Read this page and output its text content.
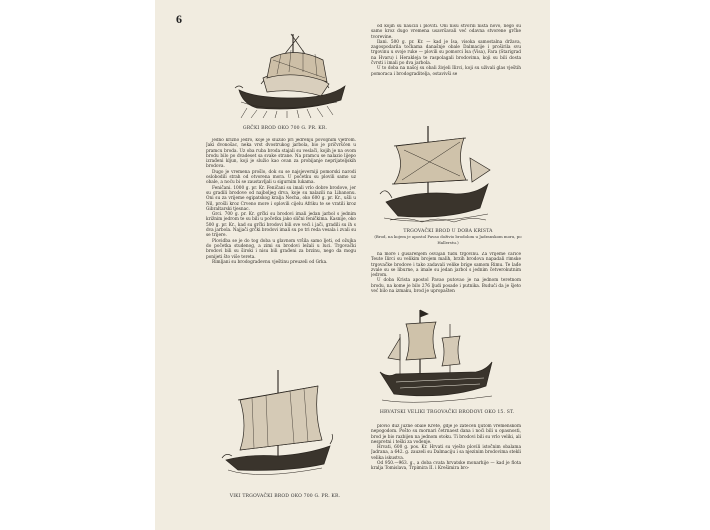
6
GRČKI BROD OKO 700 G. PR. KR.

jedno križno jedro, koje je služilo pri jedrenju povoljnim vjetrom. Jaki dvonošac, neka vrst dvostrukog jarbola, bio je pričvršćen u pramcu broda. Uz oba ruba broda stajali su veslači, kojih je na ovom brodu bilo po dvadeset sa svake strane. Na pramcu se nalazio lijepo izrađeni kljun, koji je služio kao ovan za probijanje neprijateljskih brodova.

Dugo je vremena prošlo, dok su se najsjeverniji pomorski narodi oslobodili strah od otvorena mora. U početku su plovili samo uz obale, a noću bi se zaustavljali u sigurnim lukama.

Feničani. 1000 g. pr. Kr. Feničani su imali vrlo dobre brodove, jer su gradili brodove od najboljeg drva, koje su nalazili na Libanonu. Oni su za vrijeme egipatskog kralja Necha, oko 600 g. pr. Kr., ušli u Nil, prošli kroz Crveno more i oplovili cijelu Afriku te se vratili kroz Gibraltarski tjesnac.

Grci. 700 g. pr. Kr. grčki su brodovi imali jedan jarbol s jednim križnim jedrom te su bili u početku jako slični feničkima. Kasnije, oko 500 g. pr. Kr., kad su grčki brodovi bili sve veći i jači, gradili su ih s dva jarbola. Najjači grčki brodovi imali su po tri reda vesala i zvali su se trijere.

Plovidba se je do tog doba u glavnom vršila samo ljeti, od ožujka do početka studenog, a zimi su brodovi ležali u luci. Trgovački brodovi bili su široki i nisu bili građeni za brzinu, nego da mogu ponijeti što više tereta.

Rimljani su brodograđevnu vještinu preuzeli od Grka.

VIKI TRGOVAČKI BROD OKO 700 G. PR. KR.

od kojih su naučili i ploviti. Oni nisu stvorili ništa novo, nego su samo kroz dugo vremena usavršavali već odavna stvorene grčke tvorevine.

Ilani. 500 g. pr. Kr. — kad je Isa, visoka samostalna država, zagospodarila točkama današnje obale Dalmacije i proširila svu trgovinu u svoje ruke — plovili su pomorci Isa (Visa), Fara (Starigrad na Hvaru) i Herakleja te raspolagali brodovima, koji su bili dosta čvrsti i imali po dva jarbola.

U to doba na našoj su obali živjeli Ilirci, koji su uživali glas vještih pomoraca i brodograditelja, ostavivši se

TRGOVAČKI BROD U DOBA KRISTA
(Brod, na kojem je apostol Pavao doživio brodolom u Jadranskom moru, po Hallerstu.)

na more i gusarenjem osvajali tuđu trgovinu. Za vrijeme carice Teute Ilirci su velikim brojem malih, brzih brodova napadali rimske trgovačke brodove i tako zadavali velike brige samom Rimu. Te lađe zvale su se liburne, a imale su jedan jarbol s jednim četverokutnim jedrom.

U doba Krista apostol Pavao putovao je na jednom teretnom brodu, na kome je bilo 276 ljudi posade i putnika. Budući da je šjeto već bilo na izmaku, brod je upropašten

HRVATSKI VELIKI TRGOVAČKI BRODOVI OKO 15. ST.

plovio duž južne obale Krete, gdje je zatečen ljutom vremenskom nepogodom. Pošto su mornari četrnaest dana i noći bili u opasnosti, brod je bio razbijen na jednom otoku. Ti brodovi bili su vrlo veliki, ali nespretni i teški za vođenje.

Hrvati, 600 g. pos. Kr. Hrvati su vješto plovili istočnim obalama Jadrana, a 642. g. zauzeli su Dalmaciju i sa njezinim brodovima stekli velika iskustva.

Od 950.—963. g., a doba cvata hrvatske monarhije — kad je flota kralja Tomislava, Trpimira II. i Krešimira bro-
